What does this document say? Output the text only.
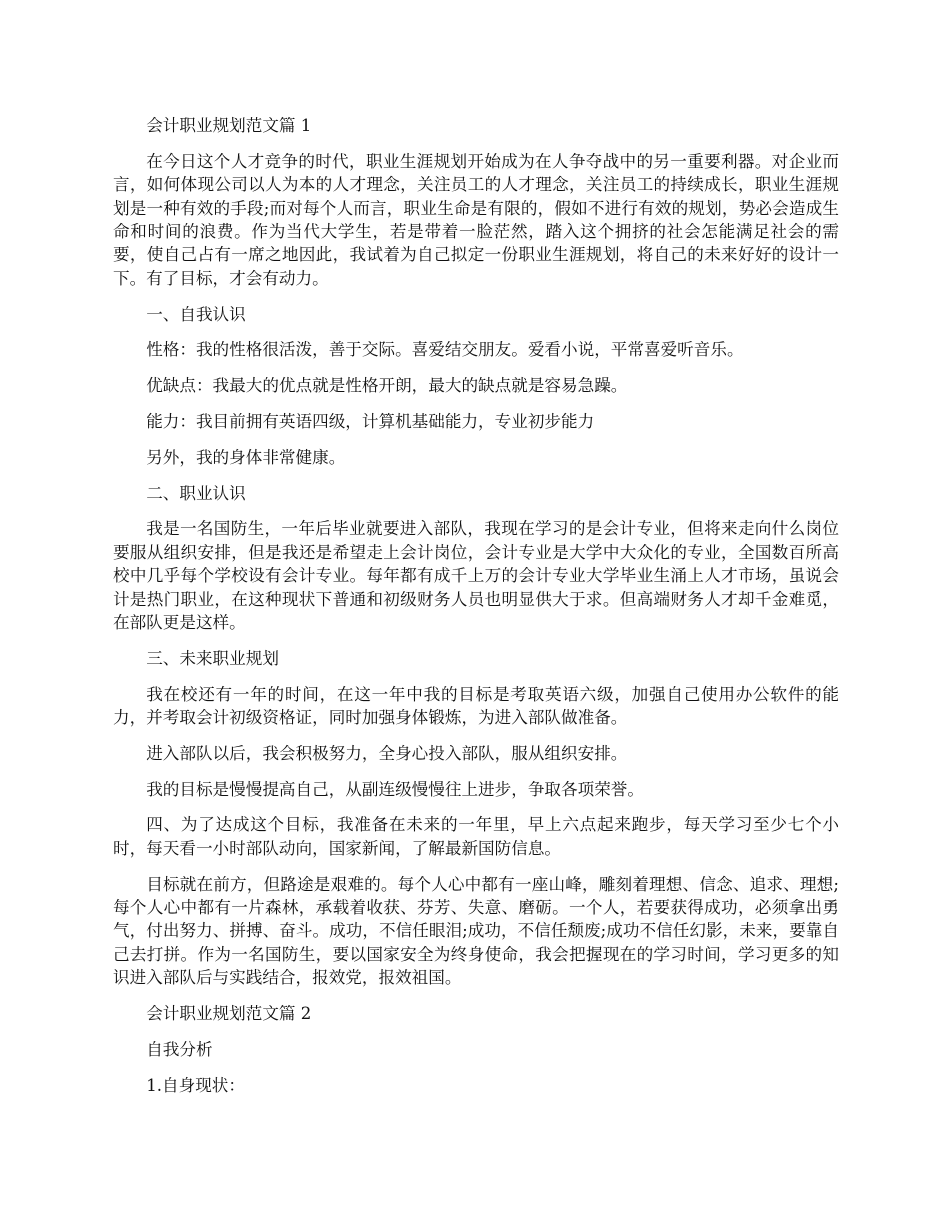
会计职业规划范文篇 1

在今日这个人才竞争的时代，职业生涯规划开始成为在人争夺战中的另一重要利器。对企业而言，如何体现公司以人为本的人才理念，关注员工的人才理念，关注员工的持续成长，职业生涯规划是一种有效的手段;而对每个人而言，职业生命是有限的，假如不进行有效的规划，势必会造成生命和时间的浪费。作为当代大学生，若是带着一脸茫然，踏入这个拥挤的社会怎能满足社会的需要，使自己占有一席之地因此，我试着为自己拟定一份职业生涯规划，将自己的未来好好的设计一下。有了目标，才会有动力。

一、自我认识

性格：我的性格很活泼，善于交际。喜爱结交朋友。爱看小说，平常喜爱听音乐。

优缺点：我最大的优点就是性格开朗，最大的缺点就是容易急躁。

能力：我目前拥有英语四级，计算机基础能力，专业初步能力

另外，我的身体非常健康。

二、职业认识

我是一名国防生，一年后毕业就要进入部队，我现在学习的是会计专业，但将来走向什么岗位要服从组织安排，但是我还是希望走上会计岗位，会计专业是大学中大众化的专业，全国数百所高校中几乎每个学校设有会计专业。每年都有成千上万的会计专业大学毕业生涌上人才市场，虽说会计是热门职业，在这种现状下普通和初级财务人员也明显供大于求。但高端财务人才却千金难觅，在部队更是这样。

三、未来职业规划

我在校还有一年的时间，在这一年中我的目标是考取英语六级，加强自己使用办公软件的能力，并考取会计初级资格证，同时加强身体锻炼，为进入部队做准备。

进入部队以后，我会积极努力，全身心投入部队，服从组织安排。

我的目标是慢慢提高自己，从副连级慢慢往上进步，争取各项荣誉。

四、为了达成这个目标，我准备在未来的一年里，早上六点起来跑步，每天学习至少七个小时，每天看一小时部队动向，国家新闻，了解最新国防信息。

目标就在前方，但路途是艰难的。每个人心中都有一座山峰，雕刻着理想、信念、追求、理想;每个人心中都有一片森林，承载着收获、芬芳、失意、磨砺。一个人，若要获得成功，必须拿出勇气，付出努力、拼搏、奋斗。成功，不信任眼泪;成功，不信任颓废;成功不信任幻影，未来，要靠自己去打拼。作为一名国防生，要以国家安全为终身使命，我会把握现在的学习时间，学习更多的知识进入部队后与实践结合，报效党，报效祖国。

会计职业规划范文篇 2

自我分析

1.自身现状：
